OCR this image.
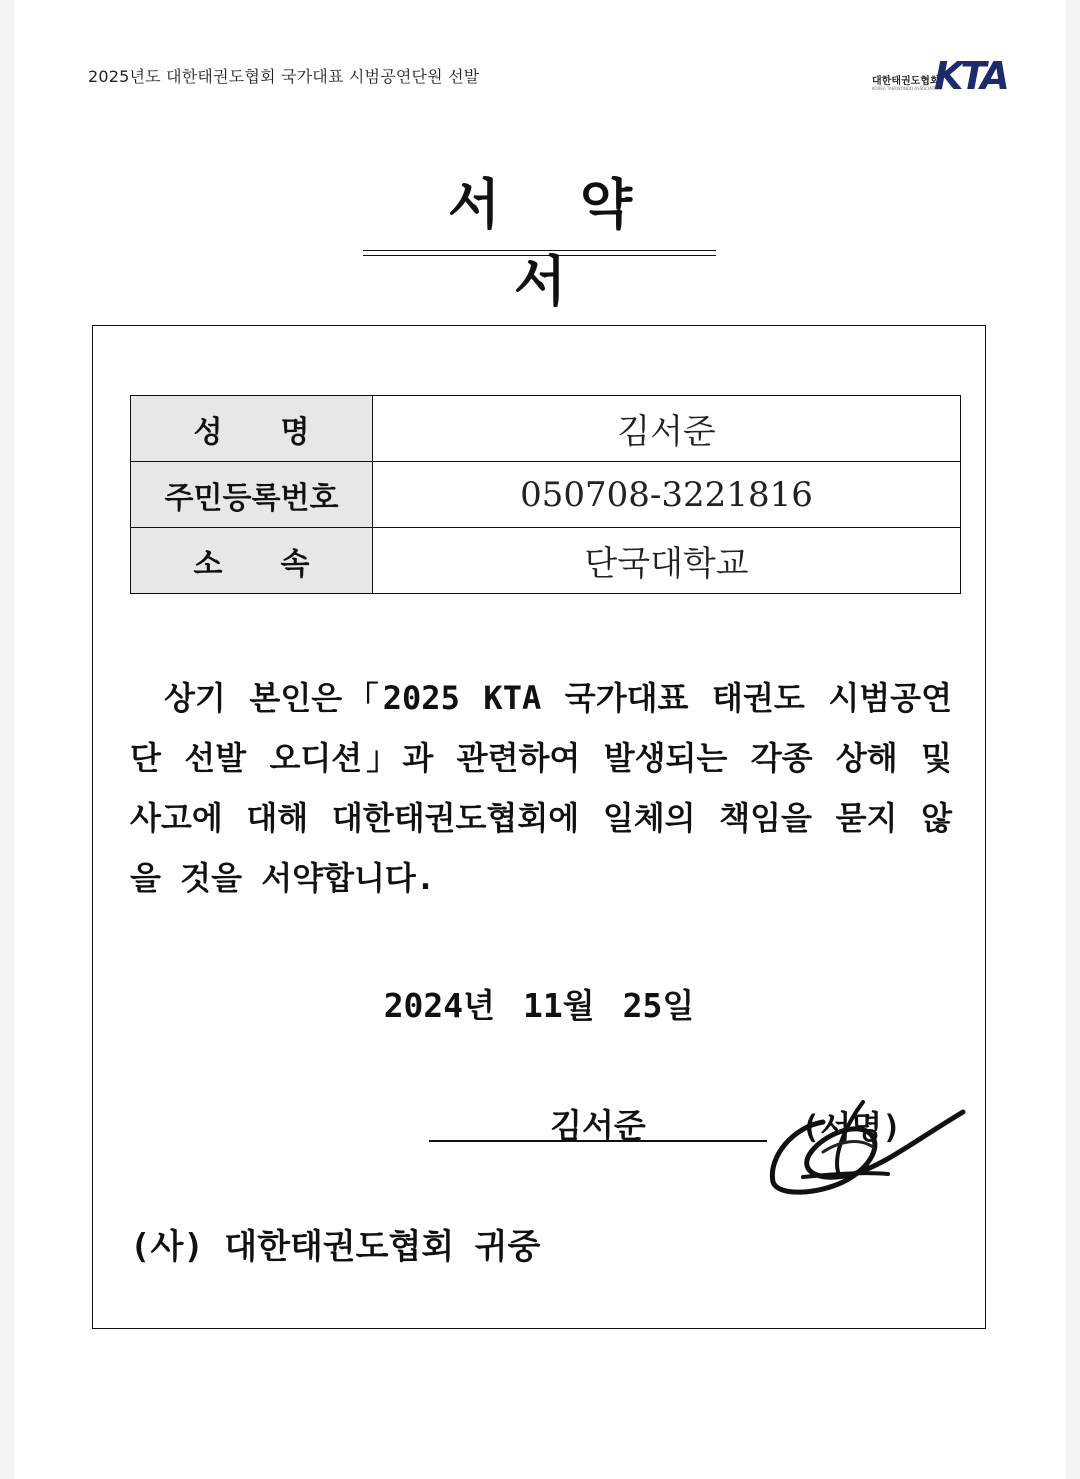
2025년도 대한태권도협회 국가대표 시범공연단원 선발	대한태권도협회
KOREA TAEKWONDO ASSOCIATION
KTA
서약서
성명	김서준
주민등록번호	050708-3221816
소속	단국대학교
상기 본인은「2025 KTA 국가대표 태권도 시범공연단 선발 오디션」과 관련하여 발생되는 각종 상해 및 사고에 대해 대한태권도협회에 일체의 책임을 묻지 않을 것을 서약합니다.
2024년 11월 25일
김서준	(서명)
(사) 대한태권도협회 귀중
